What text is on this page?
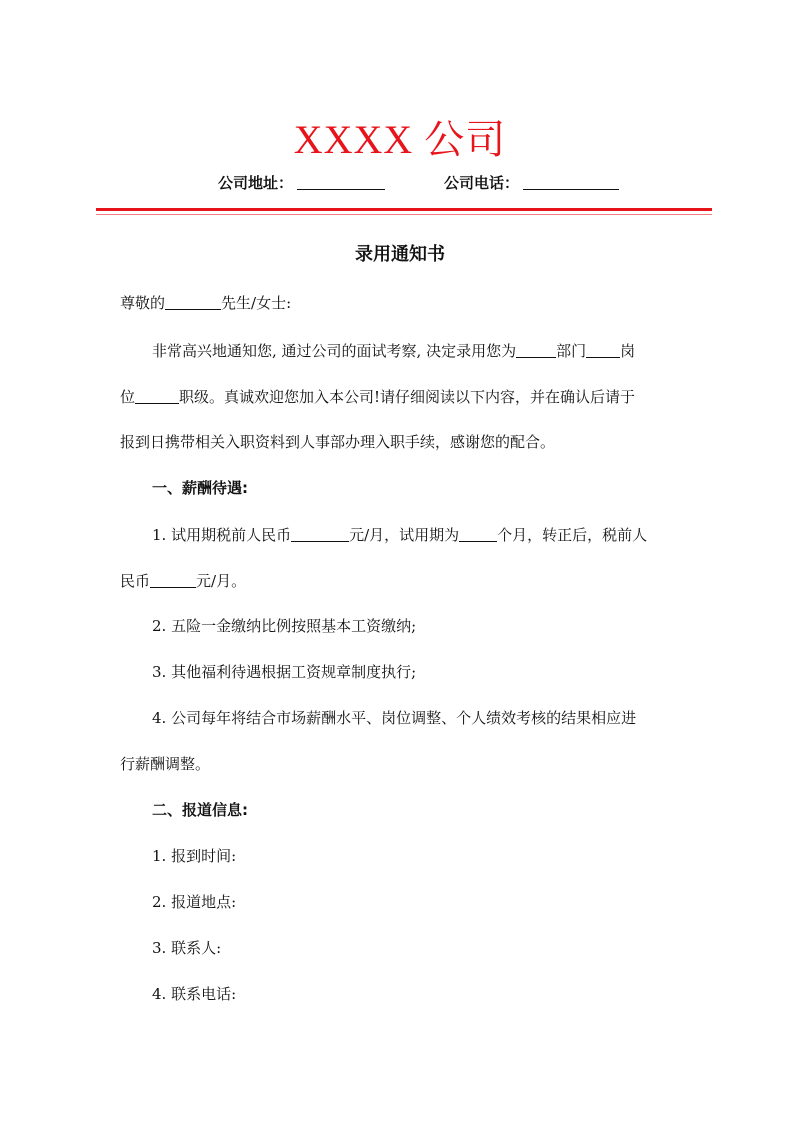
XXXX 公司
公司地址：	公司电话：
录用通知书
尊敬的	先生/女士:
非常高兴地通知您, 通过公司的面试考察, 决定录用您为	部门 岗
位	职级。真诚欢迎您加入本公司!请仔细阅读以下内容，并在确认后请于
报到日携带相关入职资料到人事部办理入职手续，感谢您的配合。
一、薪酬待遇:
1. 试用期税前人民币	元/月，试用期为	个月，转正后，税前人
民币	元/月。
2. 五险一金缴纳比例按照基本工资缴纳;
3. 其他福利待遇根据工资规章制度执行;
4. 公司每年将结合市场薪酬水平、岗位调整、个人绩效考核的结果相应进
行薪酬调整。
二、报道信息:
1. 报到时间:
2. 报道地点:
3. 联系人:
4. 联系电话:
